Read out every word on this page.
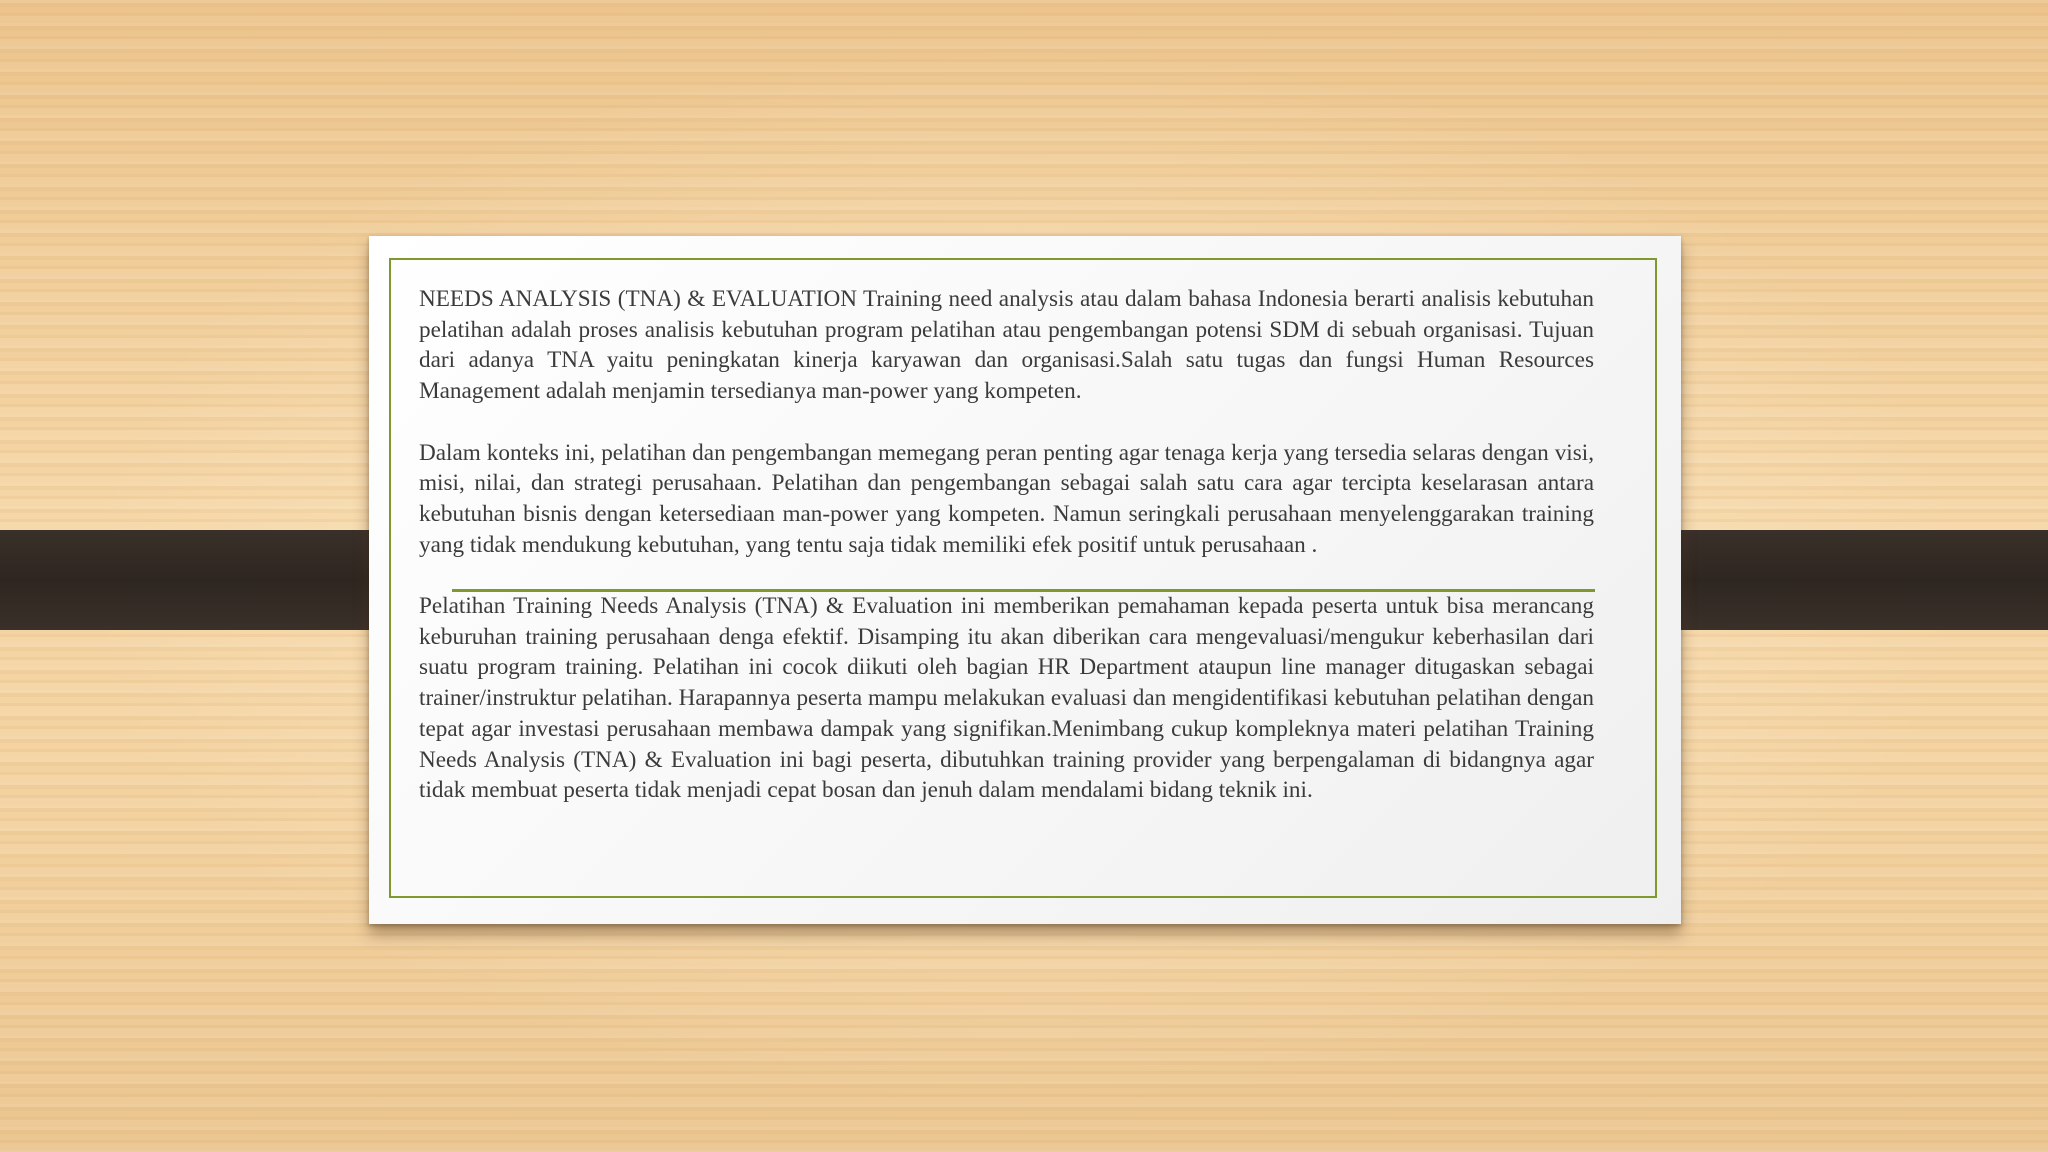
NEEDS ANALYSIS (TNA) & EVALUATION Training need analysis atau dalam bahasa Indonesia berarti analisis kebutuhan pelatihan adalah proses analisis kebutuhan program pelatihan atau pengembangan potensi SDM di sebuah organisasi. Tujuan dari adanya TNA yaitu peningkatan kinerja karyawan dan organisasi.Salah satu tugas dan fungsi Human Resources Management adalah menjamin tersedianya man-power yang kompeten.

Dalam konteks ini, pelatihan dan pengembangan memegang peran penting agar tenaga kerja yang tersedia selaras dengan visi, misi, nilai, dan strategi perusahaan. Pelatihan dan pengembangan sebagai salah satu cara agar tercipta keselarasan antara kebutuhan bisnis dengan ketersediaan man-power yang kompeten. Namun seringkali perusahaan menyelenggarakan training yang tidak mendukung kebutuhan, yang tentu saja tidak memiliki efek positif untuk perusahaan .

Pelatihan Training Needs Analysis (TNA) & Evaluation ini memberikan pemahaman kepada peserta untuk bisa merancang keburuhan training perusahaan denga efektif. Disamping itu akan diberikan cara mengevaluasi/mengukur keberhasilan dari suatu program training. Pelatihan ini cocok diikuti oleh bagian HR Department ataupun line manager ditugaskan sebagai trainer/instruktur pelatihan. Harapannya peserta mampu melakukan evaluasi dan mengidentifikasi kebutuhan pelatihan dengan tepat agar investasi perusahaan membawa dampak yang signifikan.Menimbang cukup kompleknya materi pelatihan Training Needs Analysis (TNA) & Evaluation ini bagi peserta, dibutuhkan training provider yang berpengalaman di bidangnya agar tidak membuat peserta tidak menjadi cepat bosan dan jenuh dalam mendalami bidang teknik ini.
